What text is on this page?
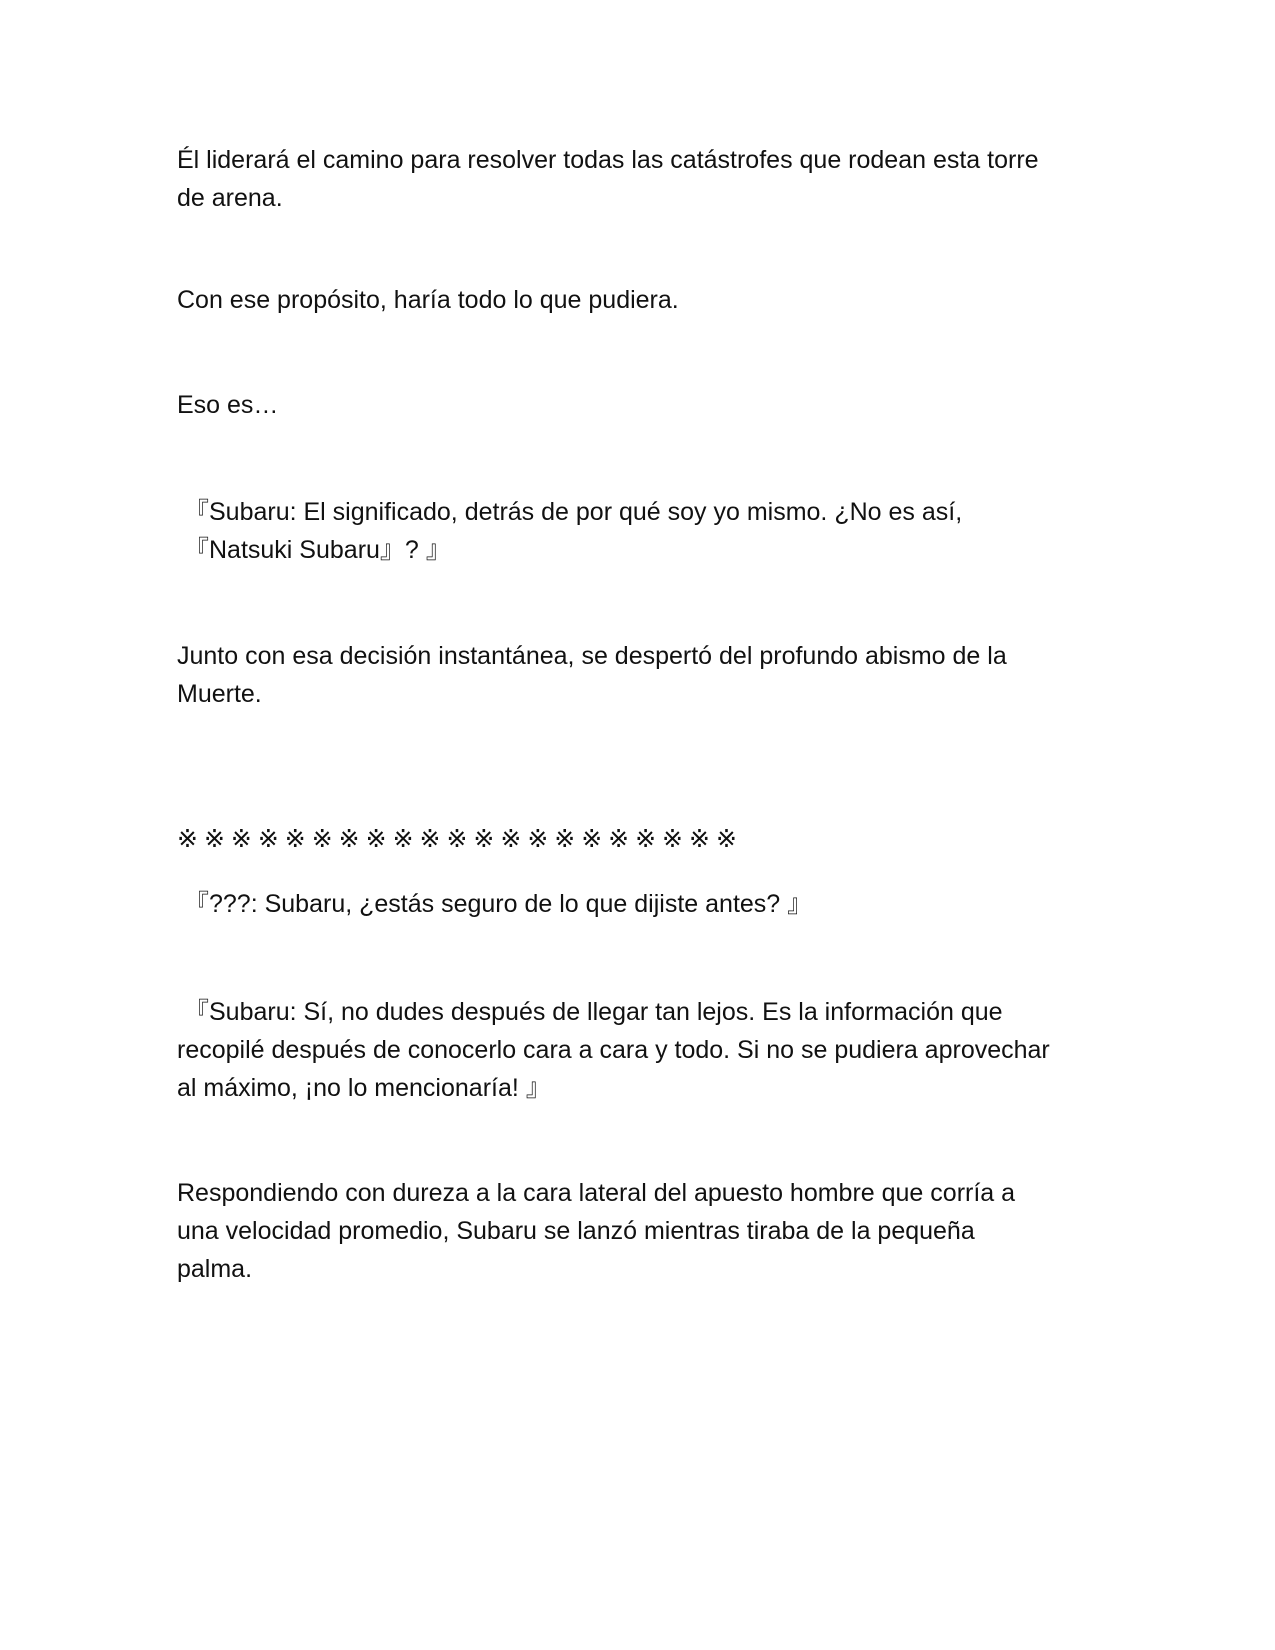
Él liderará el camino para resolver todas las catástrofes que rodean esta torre
de arena.

Con ese propósito, haría todo lo que pudiera.

Eso es…

『Subaru: El significado, detrás de por qué soy yo mismo. ¿No es así,
『Natsuki Subaru』? 』

Junto con esa decisión instantánea, se despertó del profundo abismo de la
Muerte.

※※※※※※※※※※※※※※※※※※※※※

『???: Subaru, ¿estás seguro de lo que dijiste antes? 』

『Subaru: Sí, no dudes después de llegar tan lejos. Es la información que
recopilé después de conocerlo cara a cara y todo. Si no se pudiera aprovechar
al máximo, ¡no lo mencionaría! 』

Respondiendo con dureza a la cara lateral del apuesto hombre que corría a
una velocidad promedio, Subaru se lanzó mientras tiraba de la pequeña
palma.
